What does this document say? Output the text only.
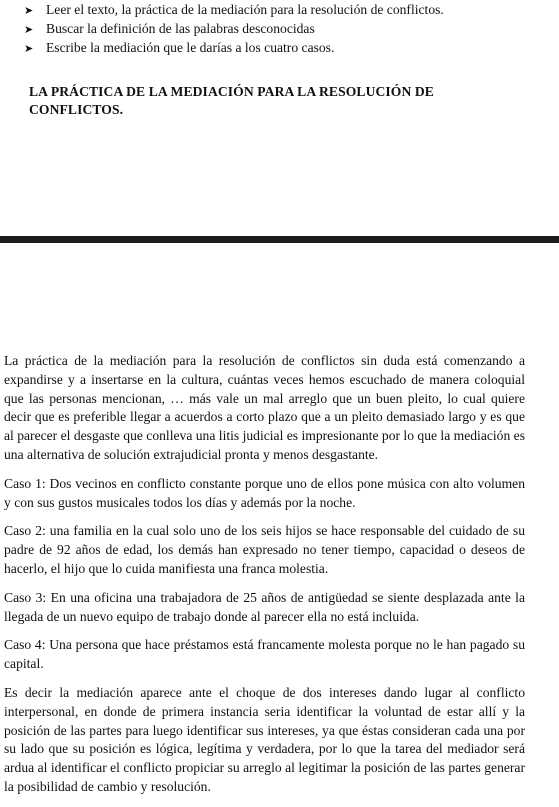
➤ Leer el texto, la práctica de la mediación para la resolución de conflictos.
➤ Buscar la definición de las palabras desconocidas
➤ Escribe la mediación que le darías a los cuatro casos.
LA PRÁCTICA DE LA MEDIACIÓN PARA LA RESOLUCIÓN DE CONFLICTOS.

La práctica de la mediación para la resolución de conflictos sin duda está comenzando a expandirse y a insertarse en la cultura, cuántas veces hemos escuchado de manera coloquial que las personas mencionan, … más vale un mal arreglo que un buen pleito, lo cual quiere decir que es preferible llegar a acuerdos a corto plazo que a un pleito demasiado largo y es que al parecer el desgaste que conlleva una litis judicial es impresionante por lo que la mediación es una alternativa de solución extrajudicial pronta y menos desgastante.

Caso 1: Dos vecinos en conflicto constante porque uno de ellos pone música con alto volumen y con sus gustos musicales todos los días y además por la noche.

Caso 2: una familia en la cual solo uno de los seis hijos se hace responsable del cuidado de su padre de 92 años de edad, los demás han expresado no tener tiempo, capacidad o deseos de hacerlo, el hijo que lo cuida manifiesta una franca molestia.

Caso 3: En una oficina una trabajadora de 25 años de antigüedad se siente desplazada ante la llegada de un nuevo equipo de trabajo donde al parecer ella no está incluida.

Caso 4: Una persona que hace préstamos está francamente molesta porque no le han pagado su capital.

Es decir la mediación aparece ante el choque de dos intereses dando lugar al conflicto interpersonal, en donde de primera instancia seria identificar la voluntad de estar allí y la posición de las partes para luego identificar sus intereses, ya que éstas consideran cada una por su lado que su posición es lógica, legítima y verdadera, por lo que la tarea del mediador será ardua al identificar el conflicto propiciar su arreglo al legitimar la posición de las partes generar la posibilidad de cambio y resolución.
